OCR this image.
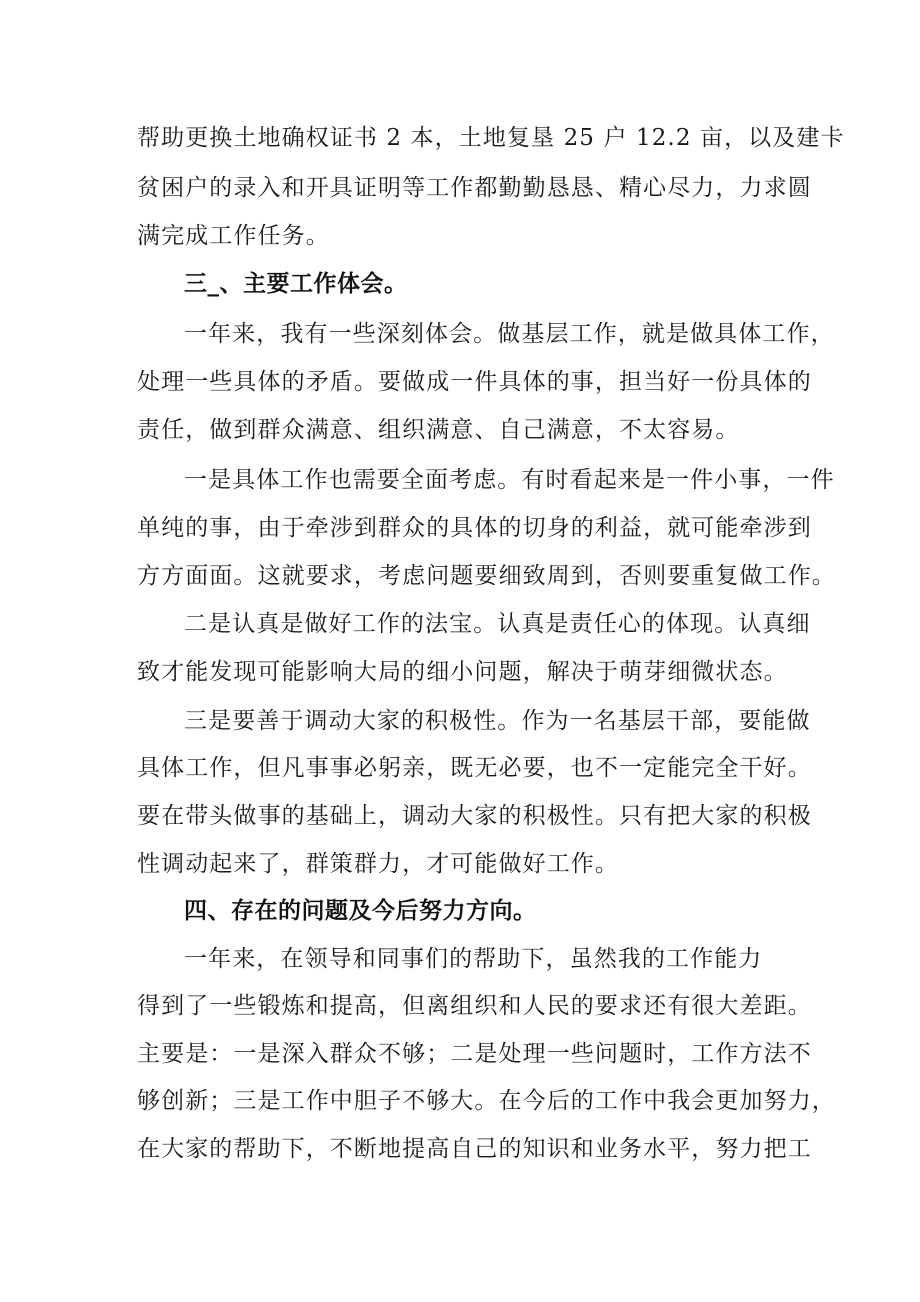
帮助更换土地确权证书 2 本，土地复垦 25 户 12.2 亩，以及建卡
贫困户的录入和开具证明等工作都勤勤恳恳、精心尽力，力求圆
满完成工作任务。
三_、主要工作体会。
一年来，我有一些深刻体会。做基层工作，就是做具体工作，
处理一些具体的矛盾。要做成一件具体的事，担当好一份具体的
责任，做到群众满意、组织满意、自己满意，不太容易。
一是具体工作也需要全面考虑。有时看起来是一件小事，一件
单纯的事，由于牵涉到群众的具体的切身的利益，就可能牵涉到
方方面面。这就要求，考虑问题要细致周到，否则要重复做工作。
二是认真是做好工作的法宝。认真是责任心的体现。认真细
致才能发现可能影响大局的细小问题，解决于萌芽细微状态。
三是要善于调动大家的积极性。作为一名基层干部，要能做
具体工作，但凡事事必躬亲，既无必要，也不一定能完全干好。
要在带头做事的基础上，调动大家的积极性。只有把大家的积极
性调动起来了，群策群力，才可能做好工作。
四、存在的问题及今后努力方向。
一年来，在领导和同事们的帮助下，虽然我的工作能力
得到了一些锻炼和提高，但离组织和人民的要求还有很大差距。
主要是：一是深入群众不够；二是处理一些问题时，工作方法不
够创新；三是工作中胆子不够大。在今后的工作中我会更加努力，
在大家的帮助下，不断地提高自己的知识和业务水平，努力把工
